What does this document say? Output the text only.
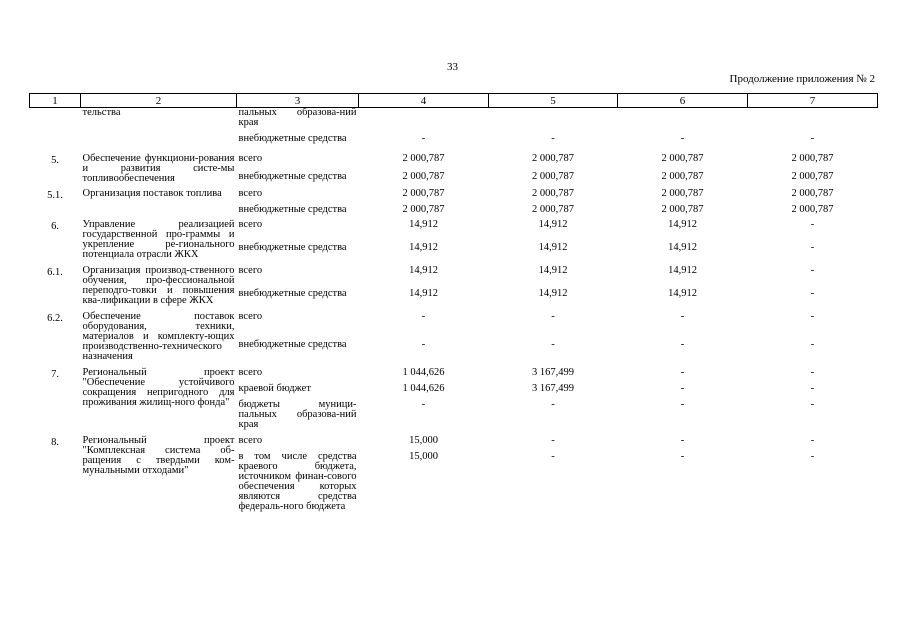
33
Продолжение приложения № 2
1	2	3	4	5	6	7
	тельства	пальных образова-ний края				
		внебюджетные средства	-	-	-	-
5.	Обеспечение функциони-рования и развития систе-мы топливообеспечения	всего	2 000,787	2 000,787	2 000,787	2 000,787
		внебюджетные средства	2 000,787	2 000,787	2 000,787	2 000,787
5.1.	Организация поставок топлива	всего	2 000,787	2 000,787	2 000,787	2 000,787
		внебюджетные средства	2 000,787	2 000,787	2 000,787	2 000,787
6.	Управление реализацией государственной про-граммы и укрепление ре-гионального потенциала отрасли ЖКХ	всего	14,912	14,912	14,912	-
		внебюджетные средства	14,912	14,912	14,912	-
6.1.	Организация производ-ственного обучения, про-фессиональной переподго-товки и повышения ква-лификации в сфере ЖКХ	всего	14,912	14,912	14,912	-
		внебюджетные средства	14,912	14,912	14,912	-
6.2.	Обеспечение поставок оборудования, техники, материалов и комплекту-ющих производственно-технического назначения	всего	-	-	-	-
		внебюджетные средства	-	-	-	-
7.	Региональный проект "Обеспечение устойчивого сокращения непригодного для проживания жилищ-ного фонда"	всего	1 044,626	3 167,499	-	-
		краевой бюджет	1 044,626	3 167,499	-	-
		бюджеты муници-пальных образова-ний края	-	-	-	-
8.	Региональный проект "Комплексная система об-ращения с твердыми ком-мунальными отходами"	всего	15,000	-	-	-
		в том числе средства краевого бюджета, источником финан-сового обеспечения которых являются средства федераль-ного бюджета	15,000	-	-	-
